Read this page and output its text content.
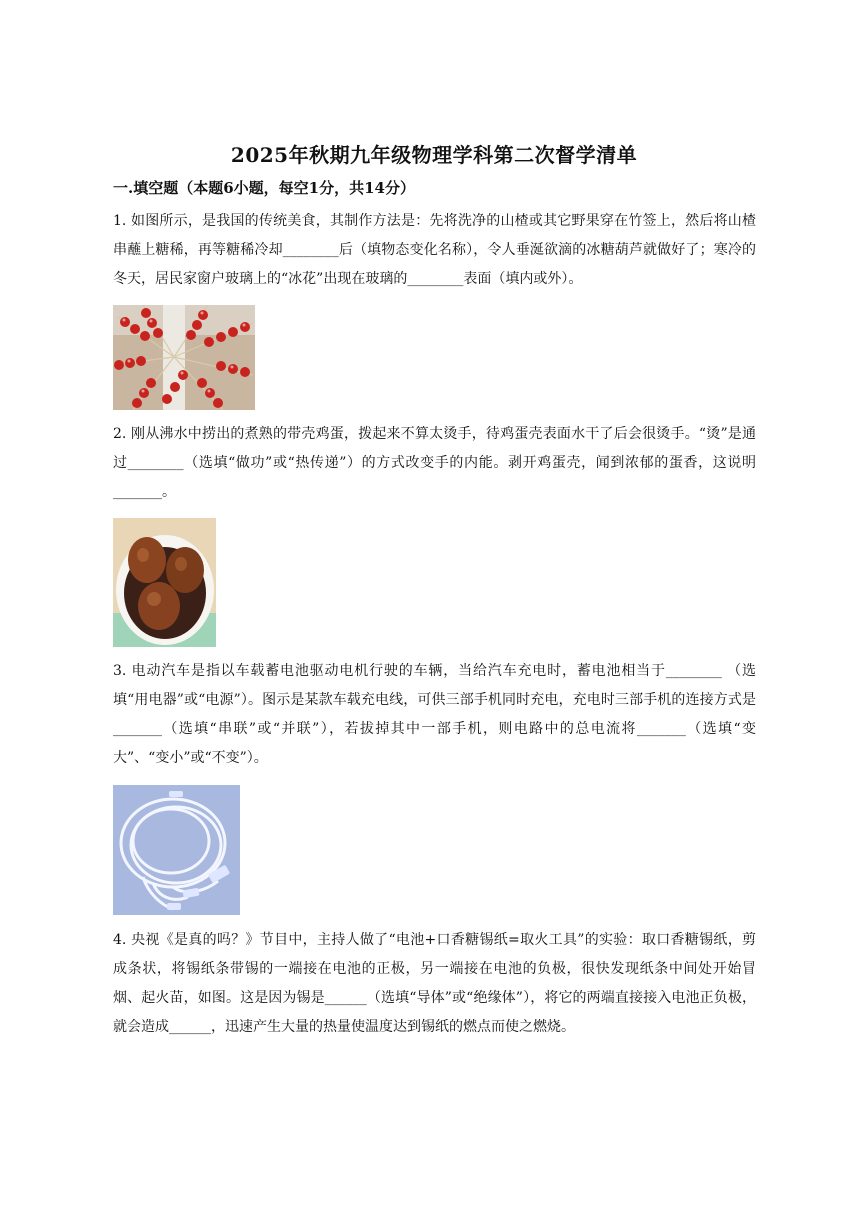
2025年秋期九年级物理学科第二次督学清单
一.填空题（本题6小题，每空1分，共14分）
1. 如图所示，是我国的传统美食，其制作方法是：先将洗净的山楂或其它野果穿在竹签上，然后将山楂串蘸上糖稀，再等糖稀冷却________后（填物态变化名称），令人垂涎欲滴的冰糖葫芦就做好了；寒冷的冬天，居民家窗户玻璃上的“冰花”出现在玻璃的________表面（填内或外）。
2. 刚从沸水中捞出的煮熟的带壳鸡蛋，拨起来不算太烫手，待鸡蛋壳表面水干了后会很烫手。“烫”是通过________（选填“做功”或“热传递”）的方式改变手的内能。剥开鸡蛋壳，闻到浓郁的蛋香，这说明_______。
3. 电动汽车是指以车载蓄电池驱动电机行驶的车辆，当给汽车充电时，蓄电池相当于________ （选填“用电器”或“电源”）。图示是某款车载充电线，可供三部手机同时充电，充电时三部手机的连接方式是_______（选填“串联”或“并联”），若拔掉其中一部手机，则电路中的总电流将_______（选填“变大”、“变小”或“不变”）。
4. 央视《是真的吗？》节目中，主持人做了“电池+口香糖锡纸=取火工具”的实验：取口香糖锡纸，剪成条状，将锡纸条带锡的一端接在电池的正极，另一端接在电池的负极，很快发现纸条中间处开始冒烟、起火苗，如图。这是因为锡是______（选填“导体”或“绝缘体”），将它的两端直接接入电池正负极，就会造成______，迅速产生大量的热量使温度达到锡纸的燃点而使之燃烧。
